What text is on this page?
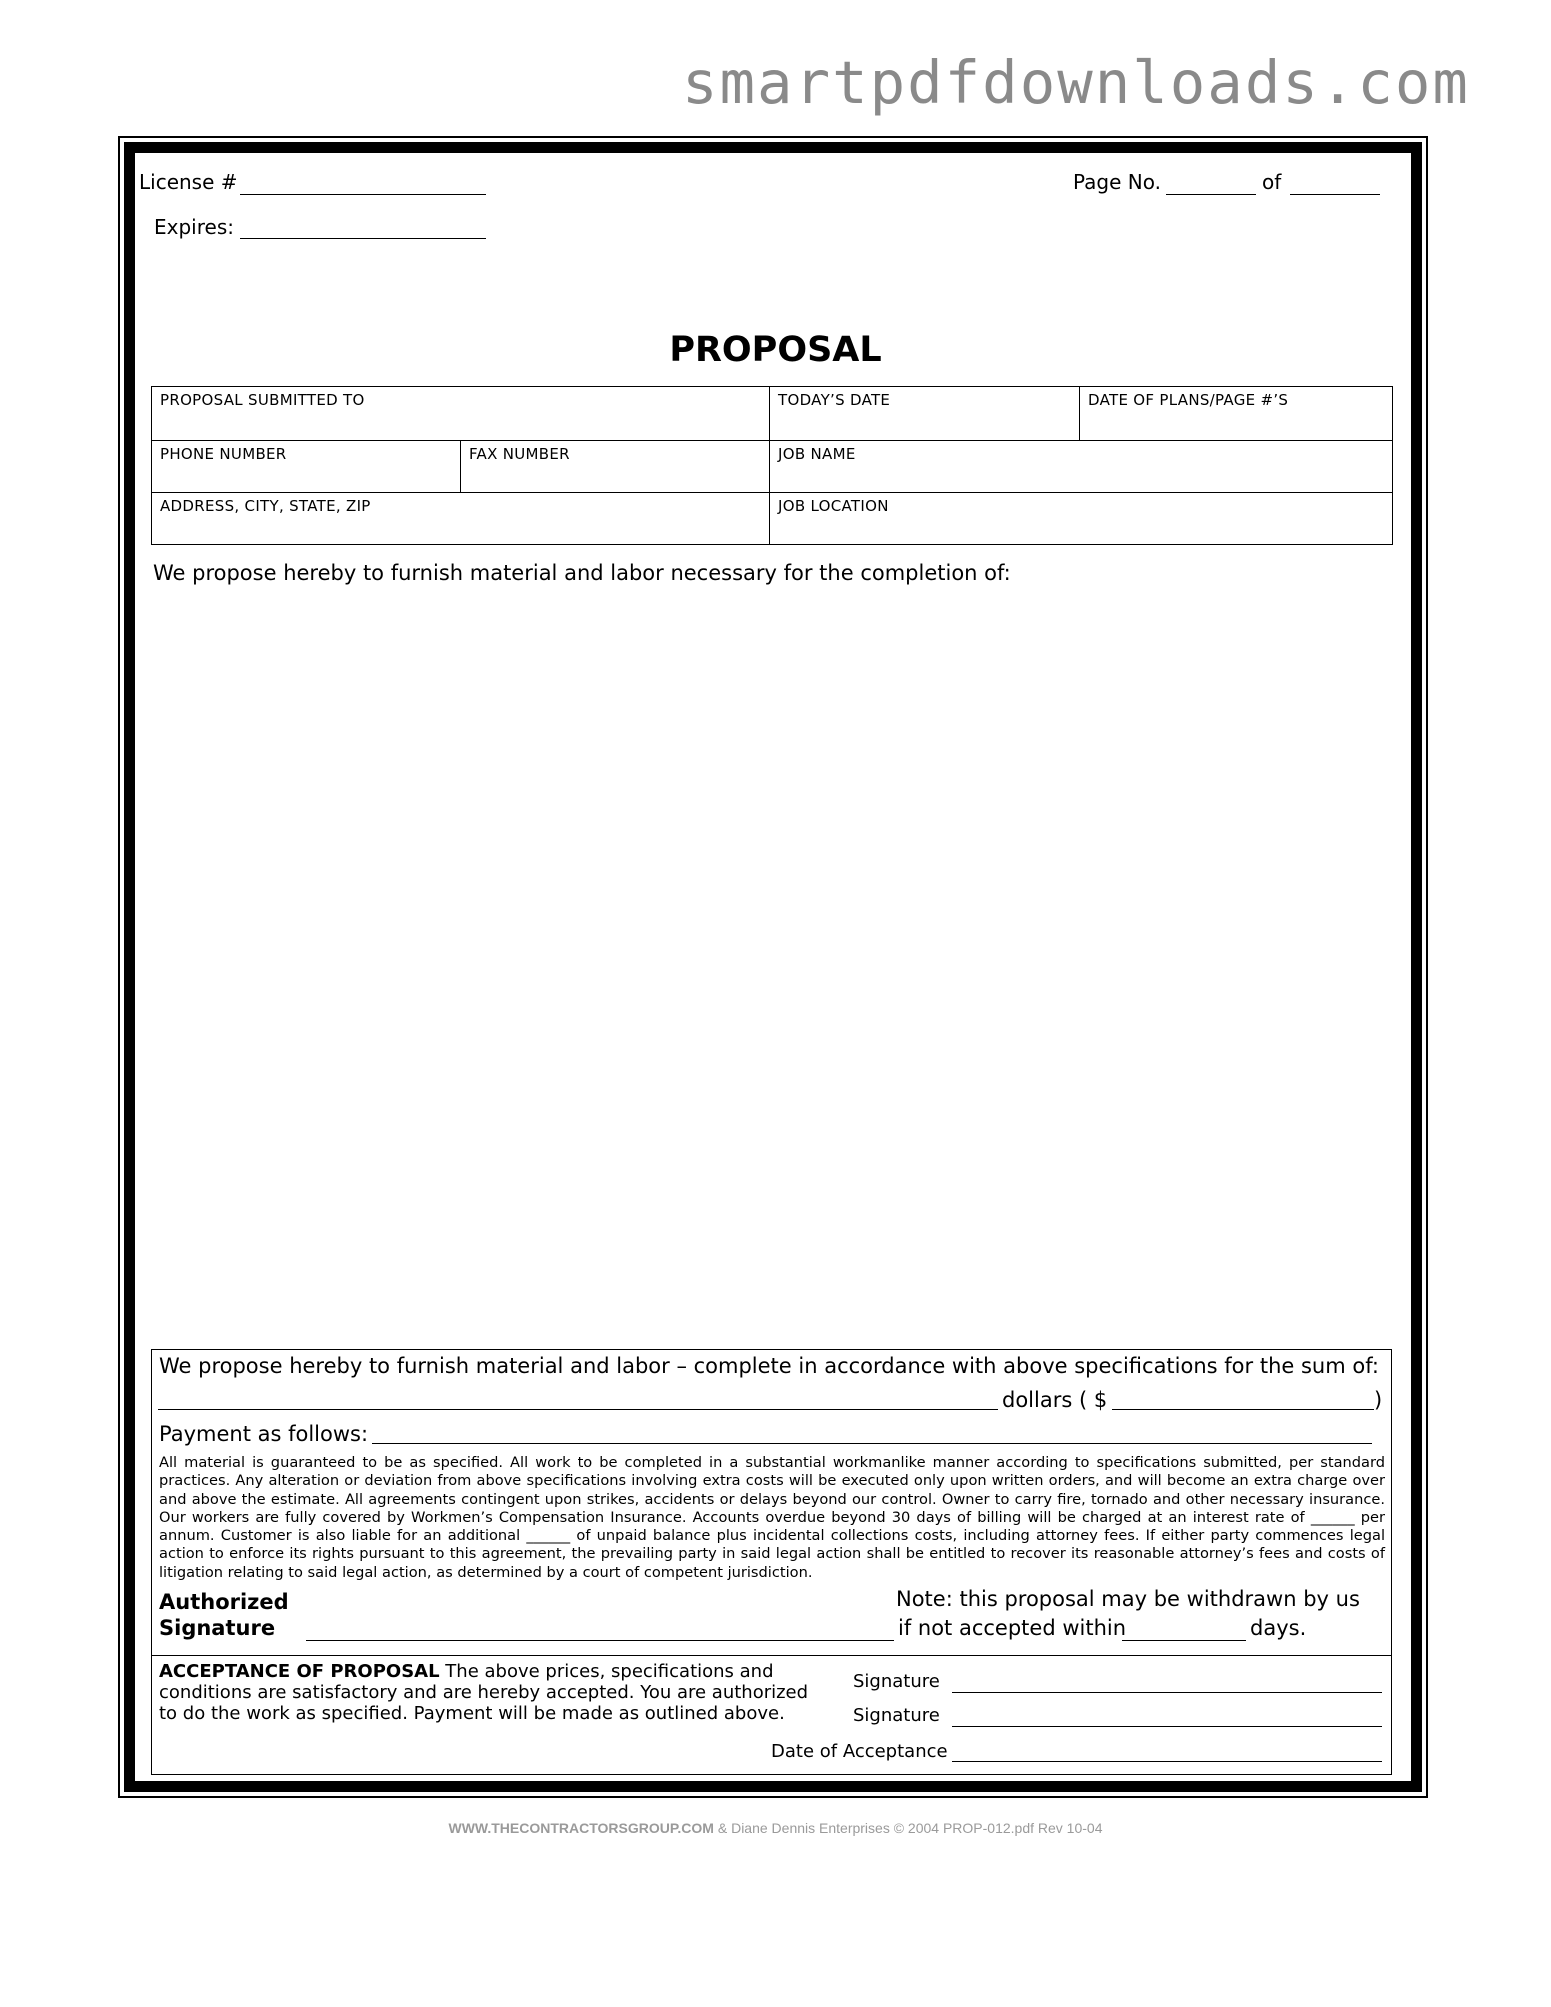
smartpdfdownloads.com
License #
Expires:
Page No.	of
PROPOSAL
PROPOSAL SUBMITTED TO		TODAY’S DATE	DATE OF PLANS/PAGE #’S
PHONE NUMBER	FAX NUMBER	JOB NAME	
ADDRESS, CITY, STATE, ZIP		JOB LOCATION	
We propose hereby to furnish material and labor necessary for the completion of:
We propose hereby to furnish material and labor – complete in accordance with above specifications for the sum of:
dollars ( $	)
Payment as follows:
All material is guaranteed to be as specified. All work to be completed in a substantial workmanlike manner according to specifications submitted, per standard practices. Any alteration or deviation from above specifications involving extra costs will be executed only upon written orders, and will become an extra charge over and above the estimate. All agreements contingent upon strikes, accidents or delays beyond our control. Owner to carry fire, tornado and other necessary insurance. Our workers are fully covered by Workmen’s Compensation Insurance. Accounts overdue beyond 30 days of billing will be charged at an interest rate of ______ per annum. Customer is also liable for an additional ______ of unpaid balance plus incidental collections costs, including attorney fees. If either party commences legal action to enforce its rights pursuant to this agreement, the prevailing party in said legal action shall be entitled to recover its reasonable attorney’s fees and costs of litigation relating to said legal action, as determined by a court of competent jurisdiction.
Authorized
Signature
Note: this proposal may be withdrawn by us
if not accepted within	days.
ACCEPTANCE OF PROPOSAL The above prices, specifications and conditions are satisfactory and are hereby accepted. You are authorized to do the work as specified. Payment will be made as outlined above.
Signature
Signature
Date of Acceptance
WWW.THECONTRACTORSGROUP.COM & Diane Dennis Enterprises © 2004 PROP-012.pdf Rev 10-04
